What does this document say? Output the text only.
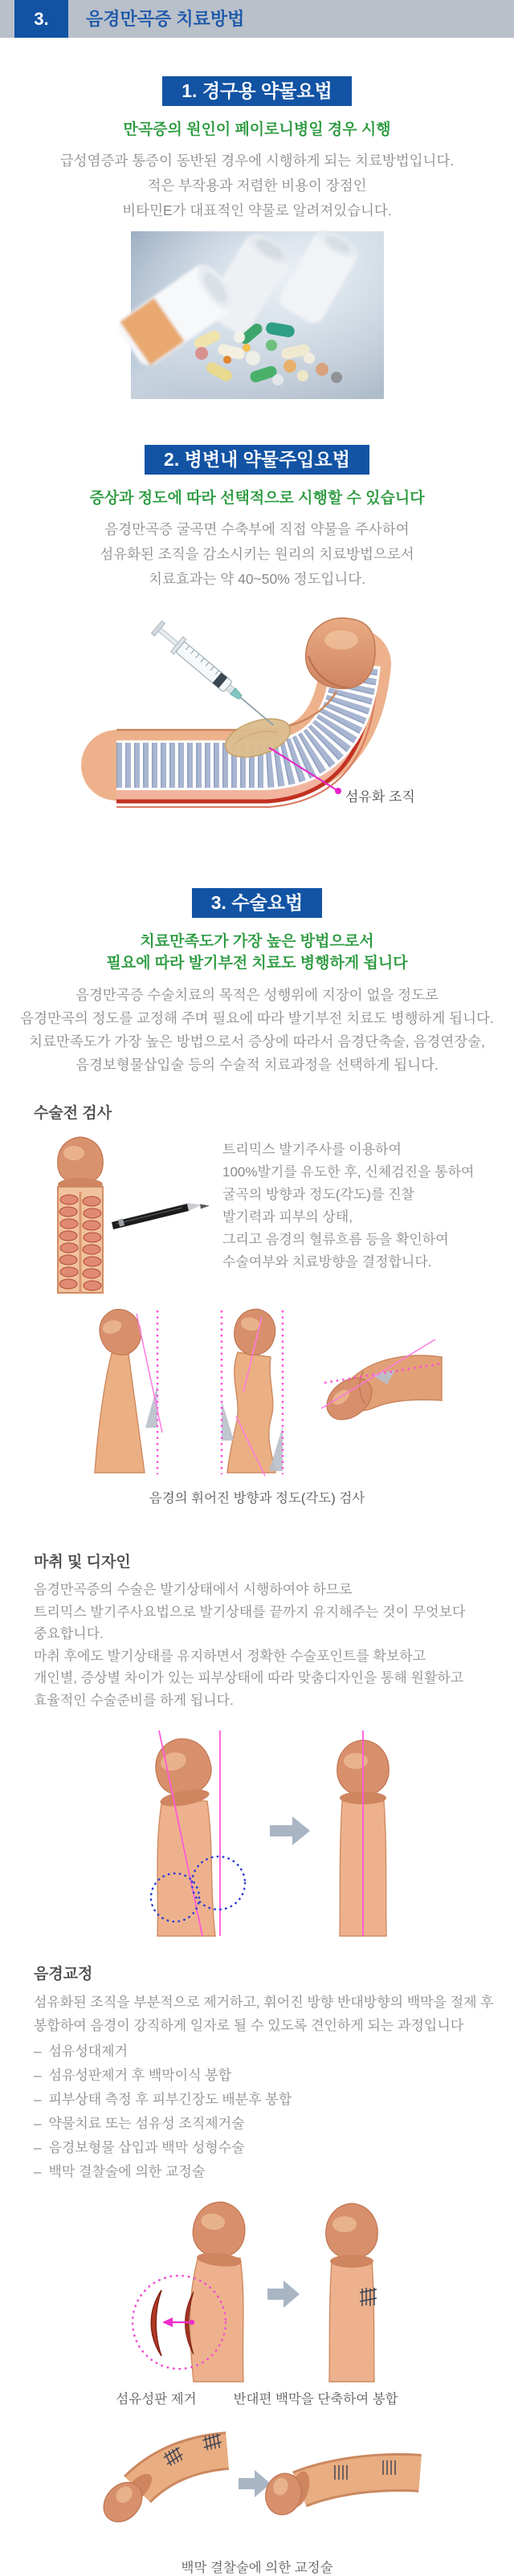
3. 음경만곡증 치료방법
1. 경구용 약물요법
만곡증의 원인이 페이로니병일 경우 시행
급성염증과 통증이 동반된 경우에 시행하게 되는 치료방법입니다.
적은 부작용과 저렴한 비용이 장점인
비타민E가 대표적인 약물로 알려져있습니다.
2. 병변내 약물주입요법
증상과 정도에 따라 선택적으로 시행할 수 있습니다
음경만곡증 굴곡면 수축부에 직접 약물을 주사하여
섬유화된 조직을 감소시키는 원리의 치료방법으로서
치료효과는 약 40~50% 정도입니다.
섬유화 조직
3. 수술요법
치료만족도가 가장 높은 방법으로서
필요에 따라 발기부전 치료도 병행하게 됩니다
음경만곡증 수술치료의 목적은 성행위에 지장이 없을 정도로
음경만곡의 정도를 교정해 주며 필요에 따라 발기부전 치료도 병행하게 됩니다.
치료만족도가 가장 높은 방법으로서 증상에 따라서 음경단축술, 음경연장술,
음경보형물삽입술 등의 수술적 치료과정을 선택하게 됩니다.
수술전 검사
트리믹스 발기주사를 이용하여
100%발기를 유도한 후, 신체검진을 통하여
굴곡의 방향과 정도(각도)를 진찰
발기력과 피부의 상태,
그리고 음경의 혈류흐름 등을 확인하여
수술여부와 치료방향을 결정합니다.
음경의 휘어진 방향과 정도(각도) 검사
마취 및 디자인
음경만곡증의 수술은 발기상태에서 시행하여야 하므로
트리믹스 발기주사요법으로 발기상태를 끝까지 유지해주는 것이 무엇보다
중요합니다.
마취 후에도 발기상태를 유지하면서 정확한 수술포인트를 확보하고
개인별, 증상별 차이가 있는 피부상태에 따라 맞춤디자인을 통해 원활하고
효율적인 수술준비를 하게 됩니다.
음경교정
섬유화된 조직을 부분적으로 제거하고, 휘어진 방향 반대방향의 백막을 절제 후
봉합하여 음경이 강직하게 일자로 될 수 있도록 견인하게 되는 과정입니다
– 섬유성대제거
– 섬유성판제거 후 백막이식 봉합
– 피부상태 측정 후 피부긴장도 배분후 봉합
– 약물치료 또는 섬유성 조직제거술
– 음경보형물 삽입과 백막 성형수술
– 백막 결찰술에 의한 교정술
섬유성판 제거	반대편 백막을 단축하여 봉합
백막 결찰술에 의한 교정술
